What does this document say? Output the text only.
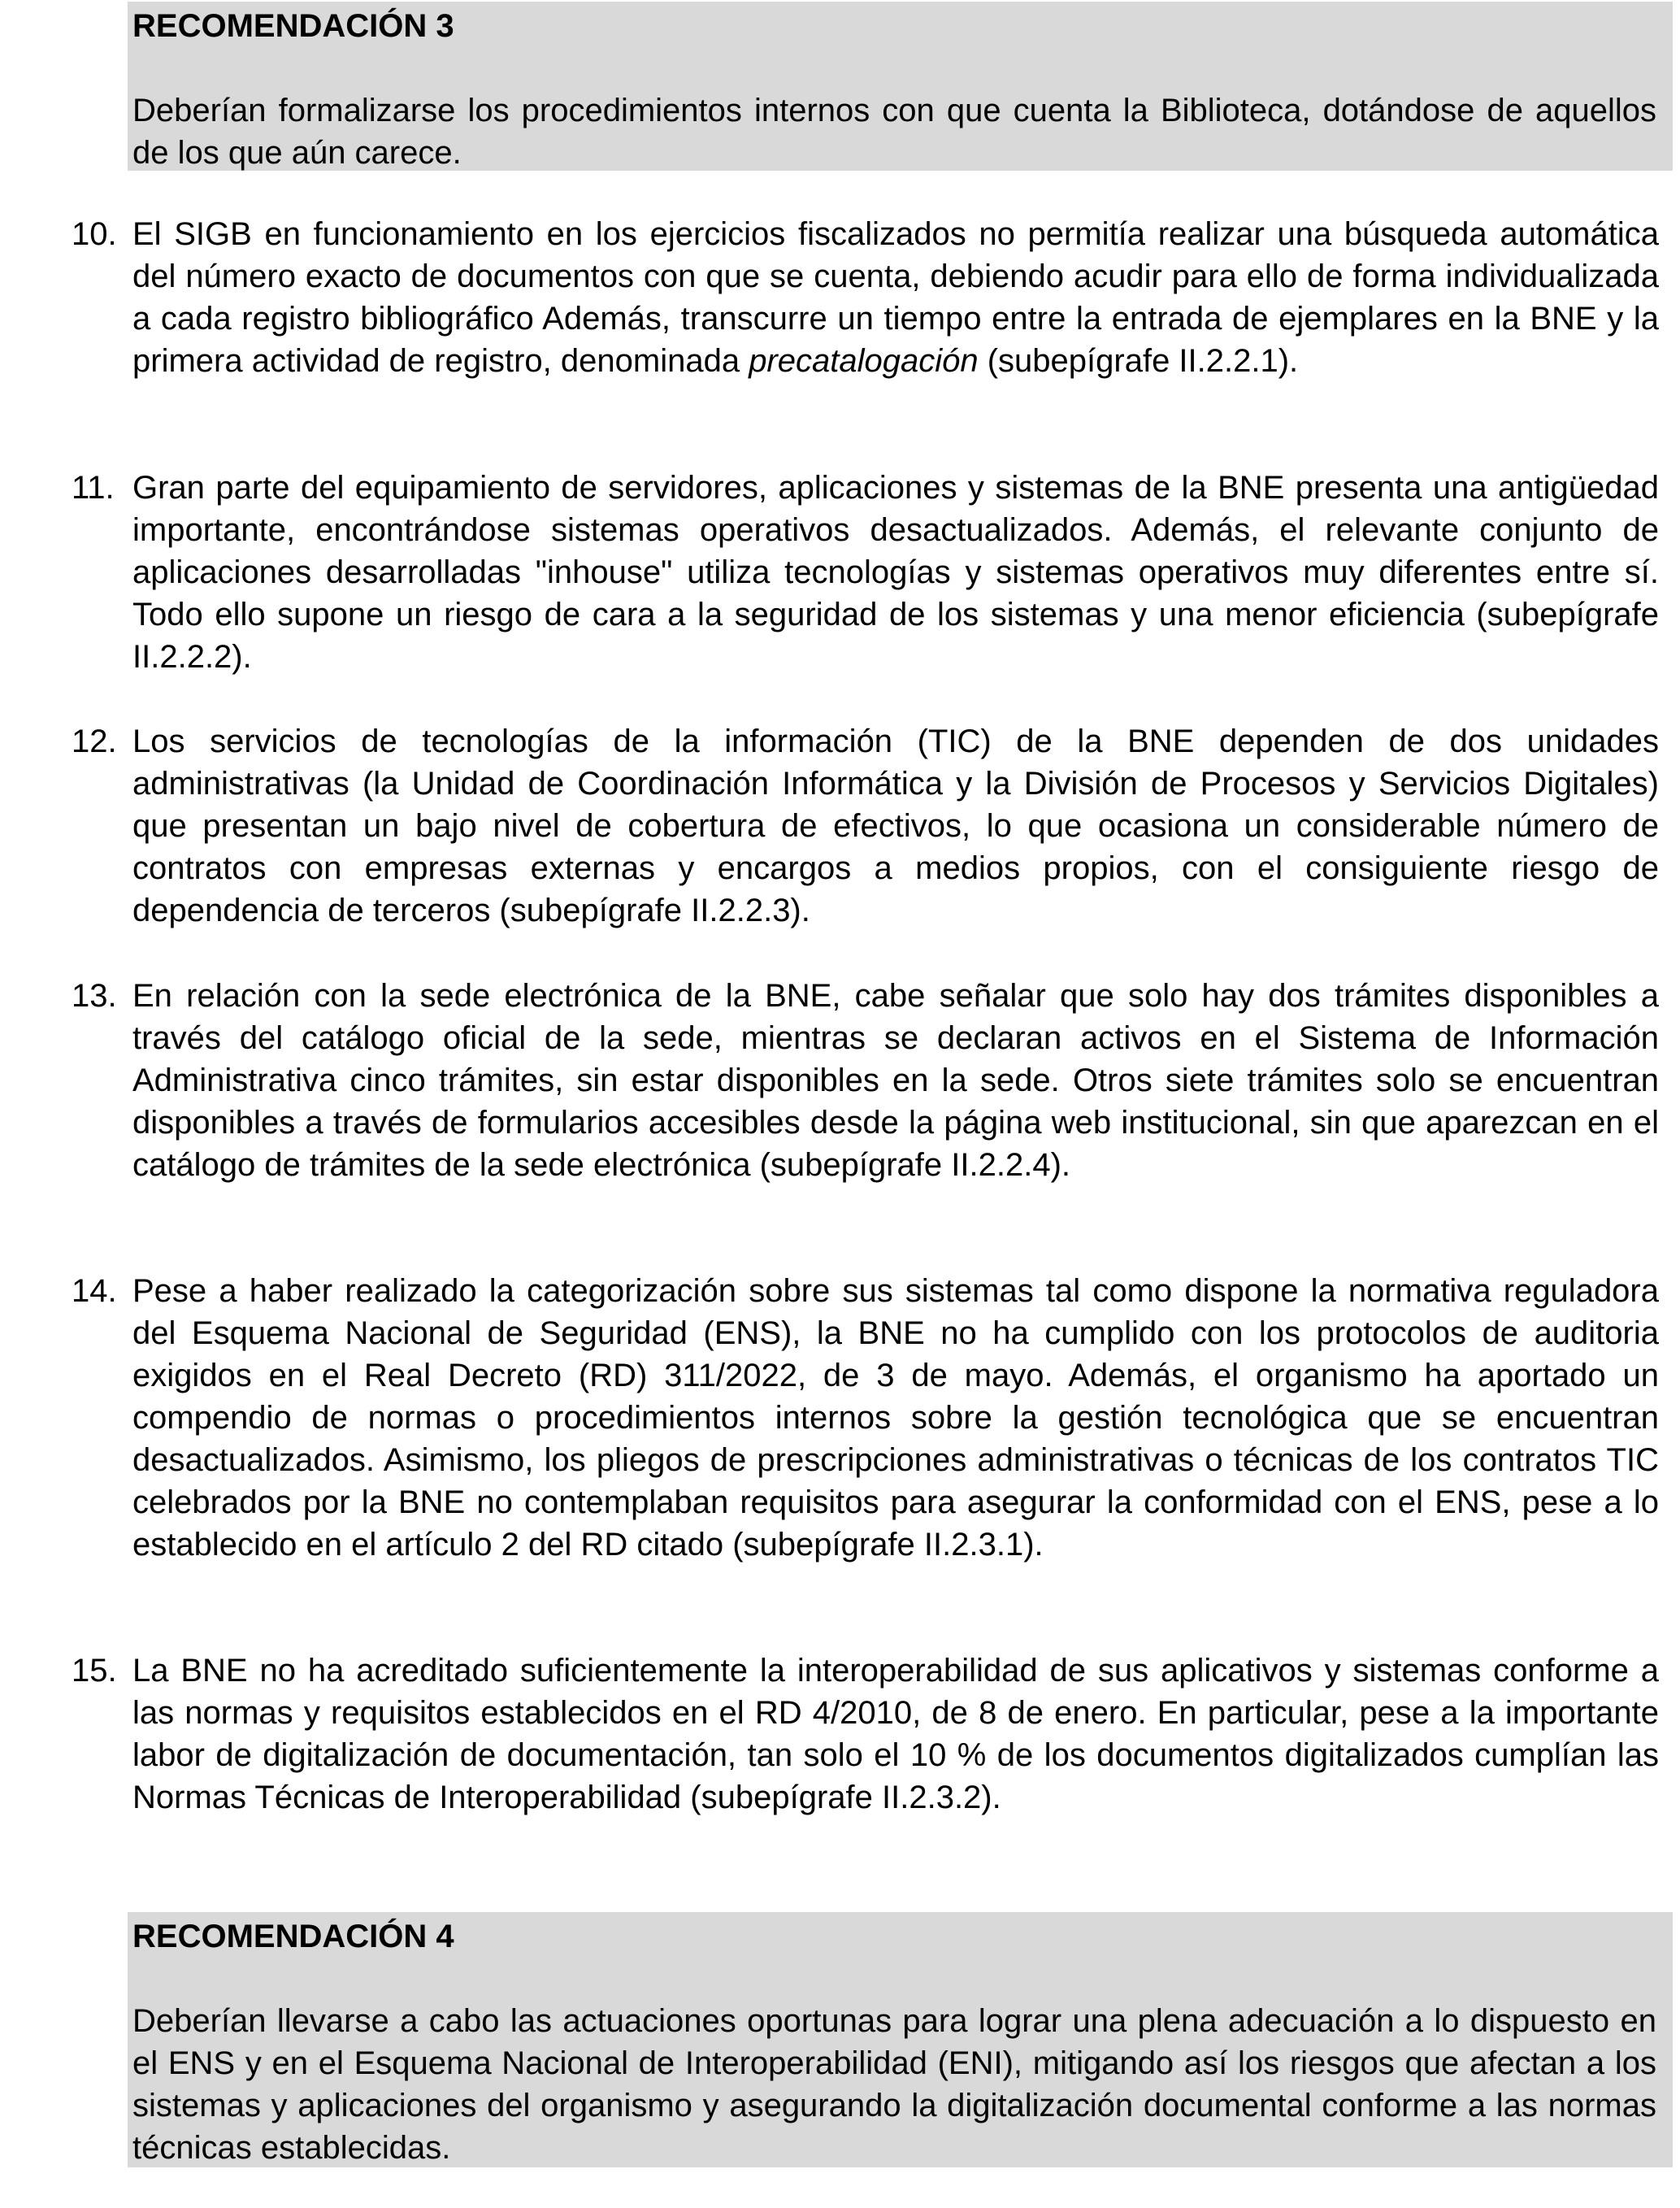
RECOMENDACIÓN 3

Deberían formalizarse los procedimientos internos con que cuenta la Biblioteca, dotándose de aquellos de los que aún carece.

10. El SIGB en funcionamiento en los ejercicios fiscalizados no permitía realizar una búsqueda automática del número exacto de documentos con que se cuenta, debiendo acudir para ello de forma individualizada a cada registro bibliográfico Además, transcurre un tiempo entre la entrada de ejemplares en la BNE y la primera actividad de registro, denominada precatalogación (subepígrafe II.2.2.1).
11. Gran parte del equipamiento de servidores, aplicaciones y sistemas de la BNE presenta una antigüedad importante, encontrándose sistemas operativos desactualizados. Además, el relevante conjunto de aplicaciones desarrolladas "inhouse" utiliza tecnologías y sistemas operativos muy diferentes entre sí. Todo ello supone un riesgo de cara a la seguridad de los sistemas y una menor eficiencia (subepígrafe II.2.2.2).
12. Los servicios de tecnologías de la información (TIC) de la BNE dependen de dos unidades administrativas (la Unidad de Coordinación Informática y la División de Procesos y Servicios Digitales) que presentan un bajo nivel de cobertura de efectivos, lo que ocasiona un considerable número de contratos con empresas externas y encargos a medios propios, con el consiguiente riesgo de dependencia de terceros (subepígrafe II.2.2.3).
13. En relación con la sede electrónica de la BNE, cabe señalar que solo hay dos trámites disponibles a través del catálogo oficial de la sede, mientras se declaran activos en el Sistema de Información Administrativa cinco trámites, sin estar disponibles en la sede. Otros siete trámites solo se encuentran disponibles a través de formularios accesibles desde la página web institucional, sin que aparezcan en el catálogo de trámites de la sede electrónica (subepígrafe II.2.2.4).
14. Pese a haber realizado la categorización sobre sus sistemas tal como dispone la normativa reguladora del Esquema Nacional de Seguridad (ENS), la BNE no ha cumplido con los protocolos de auditoria exigidos en el Real Decreto (RD) 311/2022, de 3 de mayo. Además, el organismo ha aportado un compendio de normas o procedimientos internos sobre la gestión tecnológica que se encuentran desactualizados. Asimismo, los pliegos de prescripciones administrativas o técnicas de los contratos TIC celebrados por la BNE no contemplaban requisitos para asegurar la conformidad con el ENS, pese a lo establecido en el artículo 2 del RD citado (subepígrafe II.2.3.1).
15. La BNE no ha acreditado suficientemente la interoperabilidad de sus aplicativos y sistemas conforme a las normas y requisitos establecidos en el RD 4/2010, de 8 de enero. En particular, pese a la importante labor de digitalización de documentación, tan solo el 10 % de los documentos digitalizados cumplían las Normas Técnicas de Interoperabilidad (subepígrafe II.2.3.2).

RECOMENDACIÓN 4

Deberían llevarse a cabo las actuaciones oportunas para lograr una plena adecuación a lo dispuesto en el ENS y en el Esquema Nacional de Interoperabilidad (ENI), mitigando así los riesgos que afectan a los sistemas y aplicaciones del organismo y asegurando la digitalización documental conforme a las normas técnicas establecidas.
